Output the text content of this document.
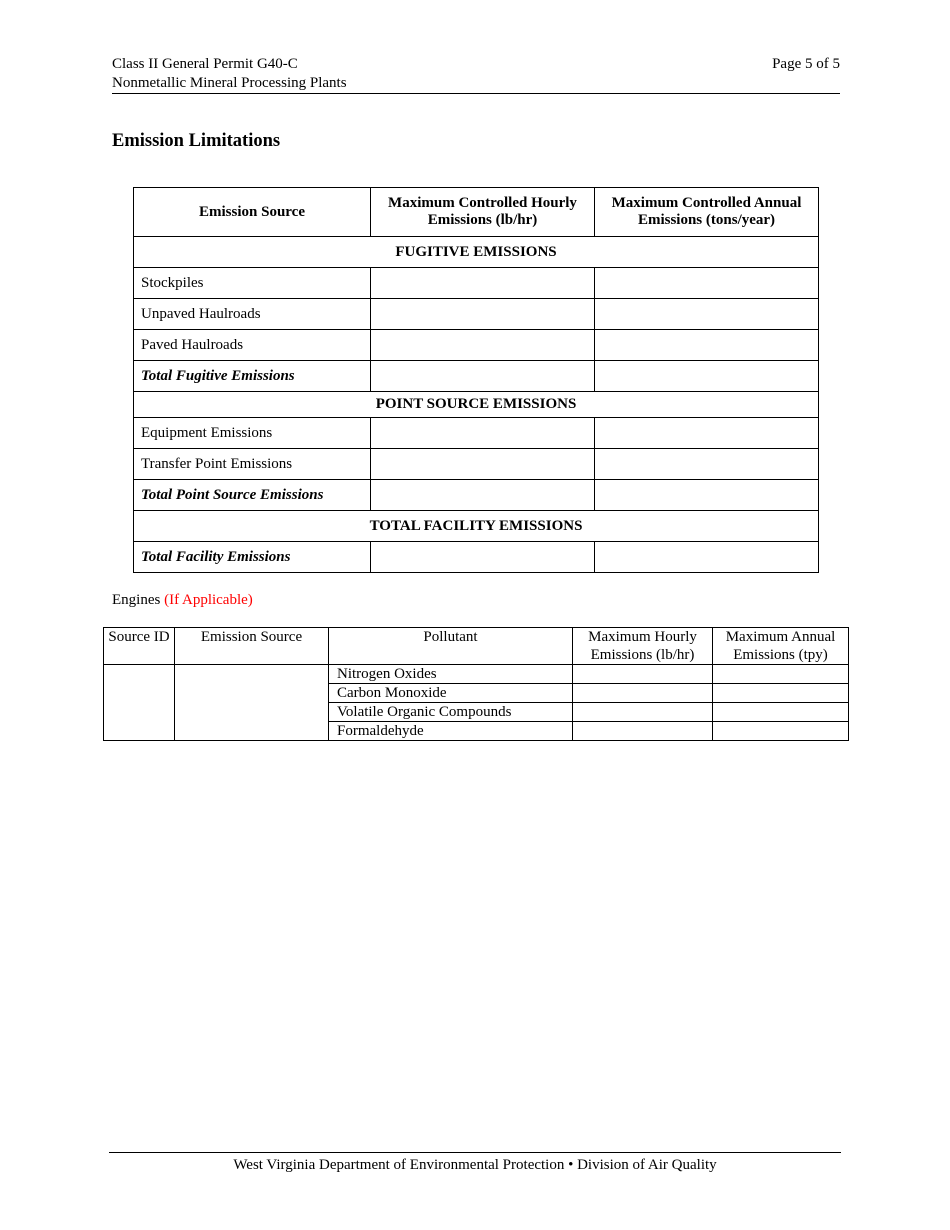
Class II General Permit G40-C
Nonmetallic Mineral Processing Plants
Page 5 of 5
Emission Limitations
Emission Source	Maximum Controlled Hourly Emissions (lb/hr)	Maximum Controlled Annual Emissions (tons/year)
FUGITIVE EMISSIONS		
Stockpiles		
Unpaved Haulroads		
Paved Haulroads		
Total Fugitive Emissions		
POINT SOURCE EMISSIONS		
Equipment Emissions		
Transfer Point Emissions		
Total Point Source Emissions		
TOTAL FACILITY EMISSIONS		
Total Facility Emissions		
Engines (If Applicable)
Source ID	Emission Source	Pollutant	Maximum Hourly Emissions (lb/hr)	Maximum Annual Emissions (tpy)
		Nitrogen Oxides		
		Carbon Monoxide		
		Volatile Organic Compounds		
		Formaldehyde		
West Virginia Department of Environmental Protection • Division of Air Quality
